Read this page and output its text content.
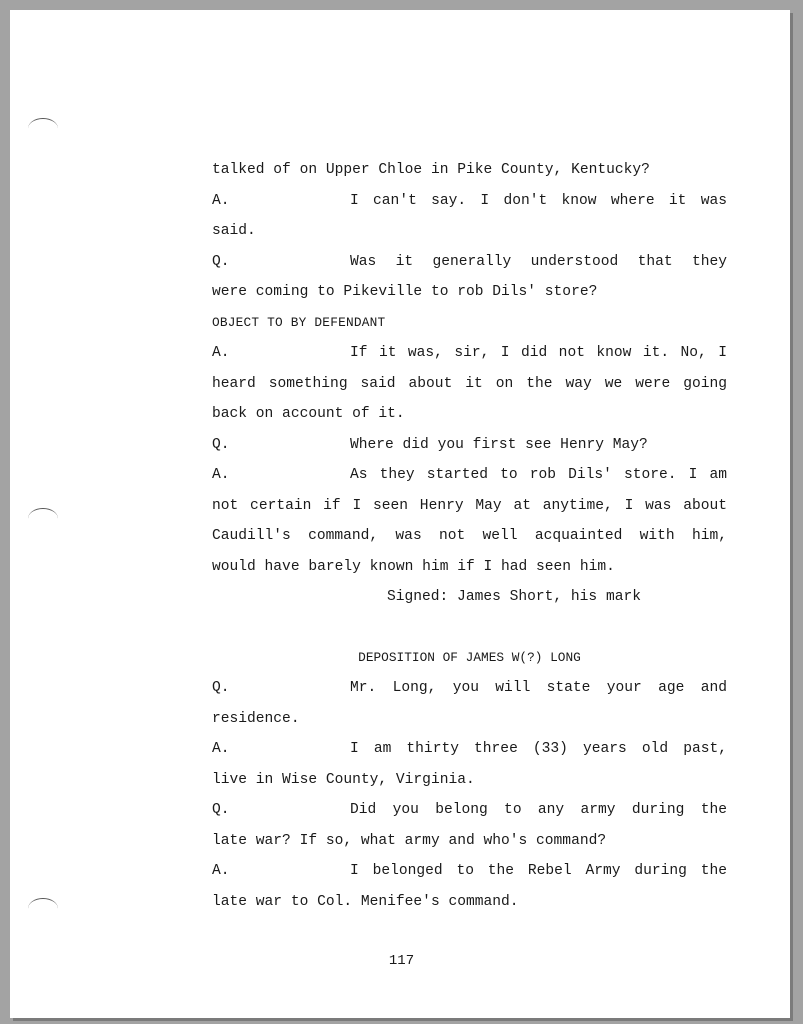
talked of on Upper Chloe in Pike County, Kentucky?
A.	I can't say. I don't know where it was
said.
Q.	Was it generally understood that they
were coming to Pikeville to rob Dils' store?
OBJECT TO BY DEFENDANT
A.	If it was, sir, I did not know it. No, I
heard something said about it on the way we were going
back on account of it.
Q.	Where did you first see Henry May?
A.	As they started to rob Dils' store. I am
not certain if I seen Henry May at anytime, I was about
Caudill's command, was not well acquainted with him,
would have barely known him if I had seen him.
Signed: James Short, his mark
DEPOSITION OF JAMES W(?) LONG
Q.	Mr. Long, you will state your age and
residence.
A.	I am thirty three (33) years old past,
live in Wise County, Virginia.
Q.	Did you belong to any army during the
late war? If so, what army and who's command?
A.	I belonged to the Rebel Army during the
late war to Col. Menifee's command.
117
